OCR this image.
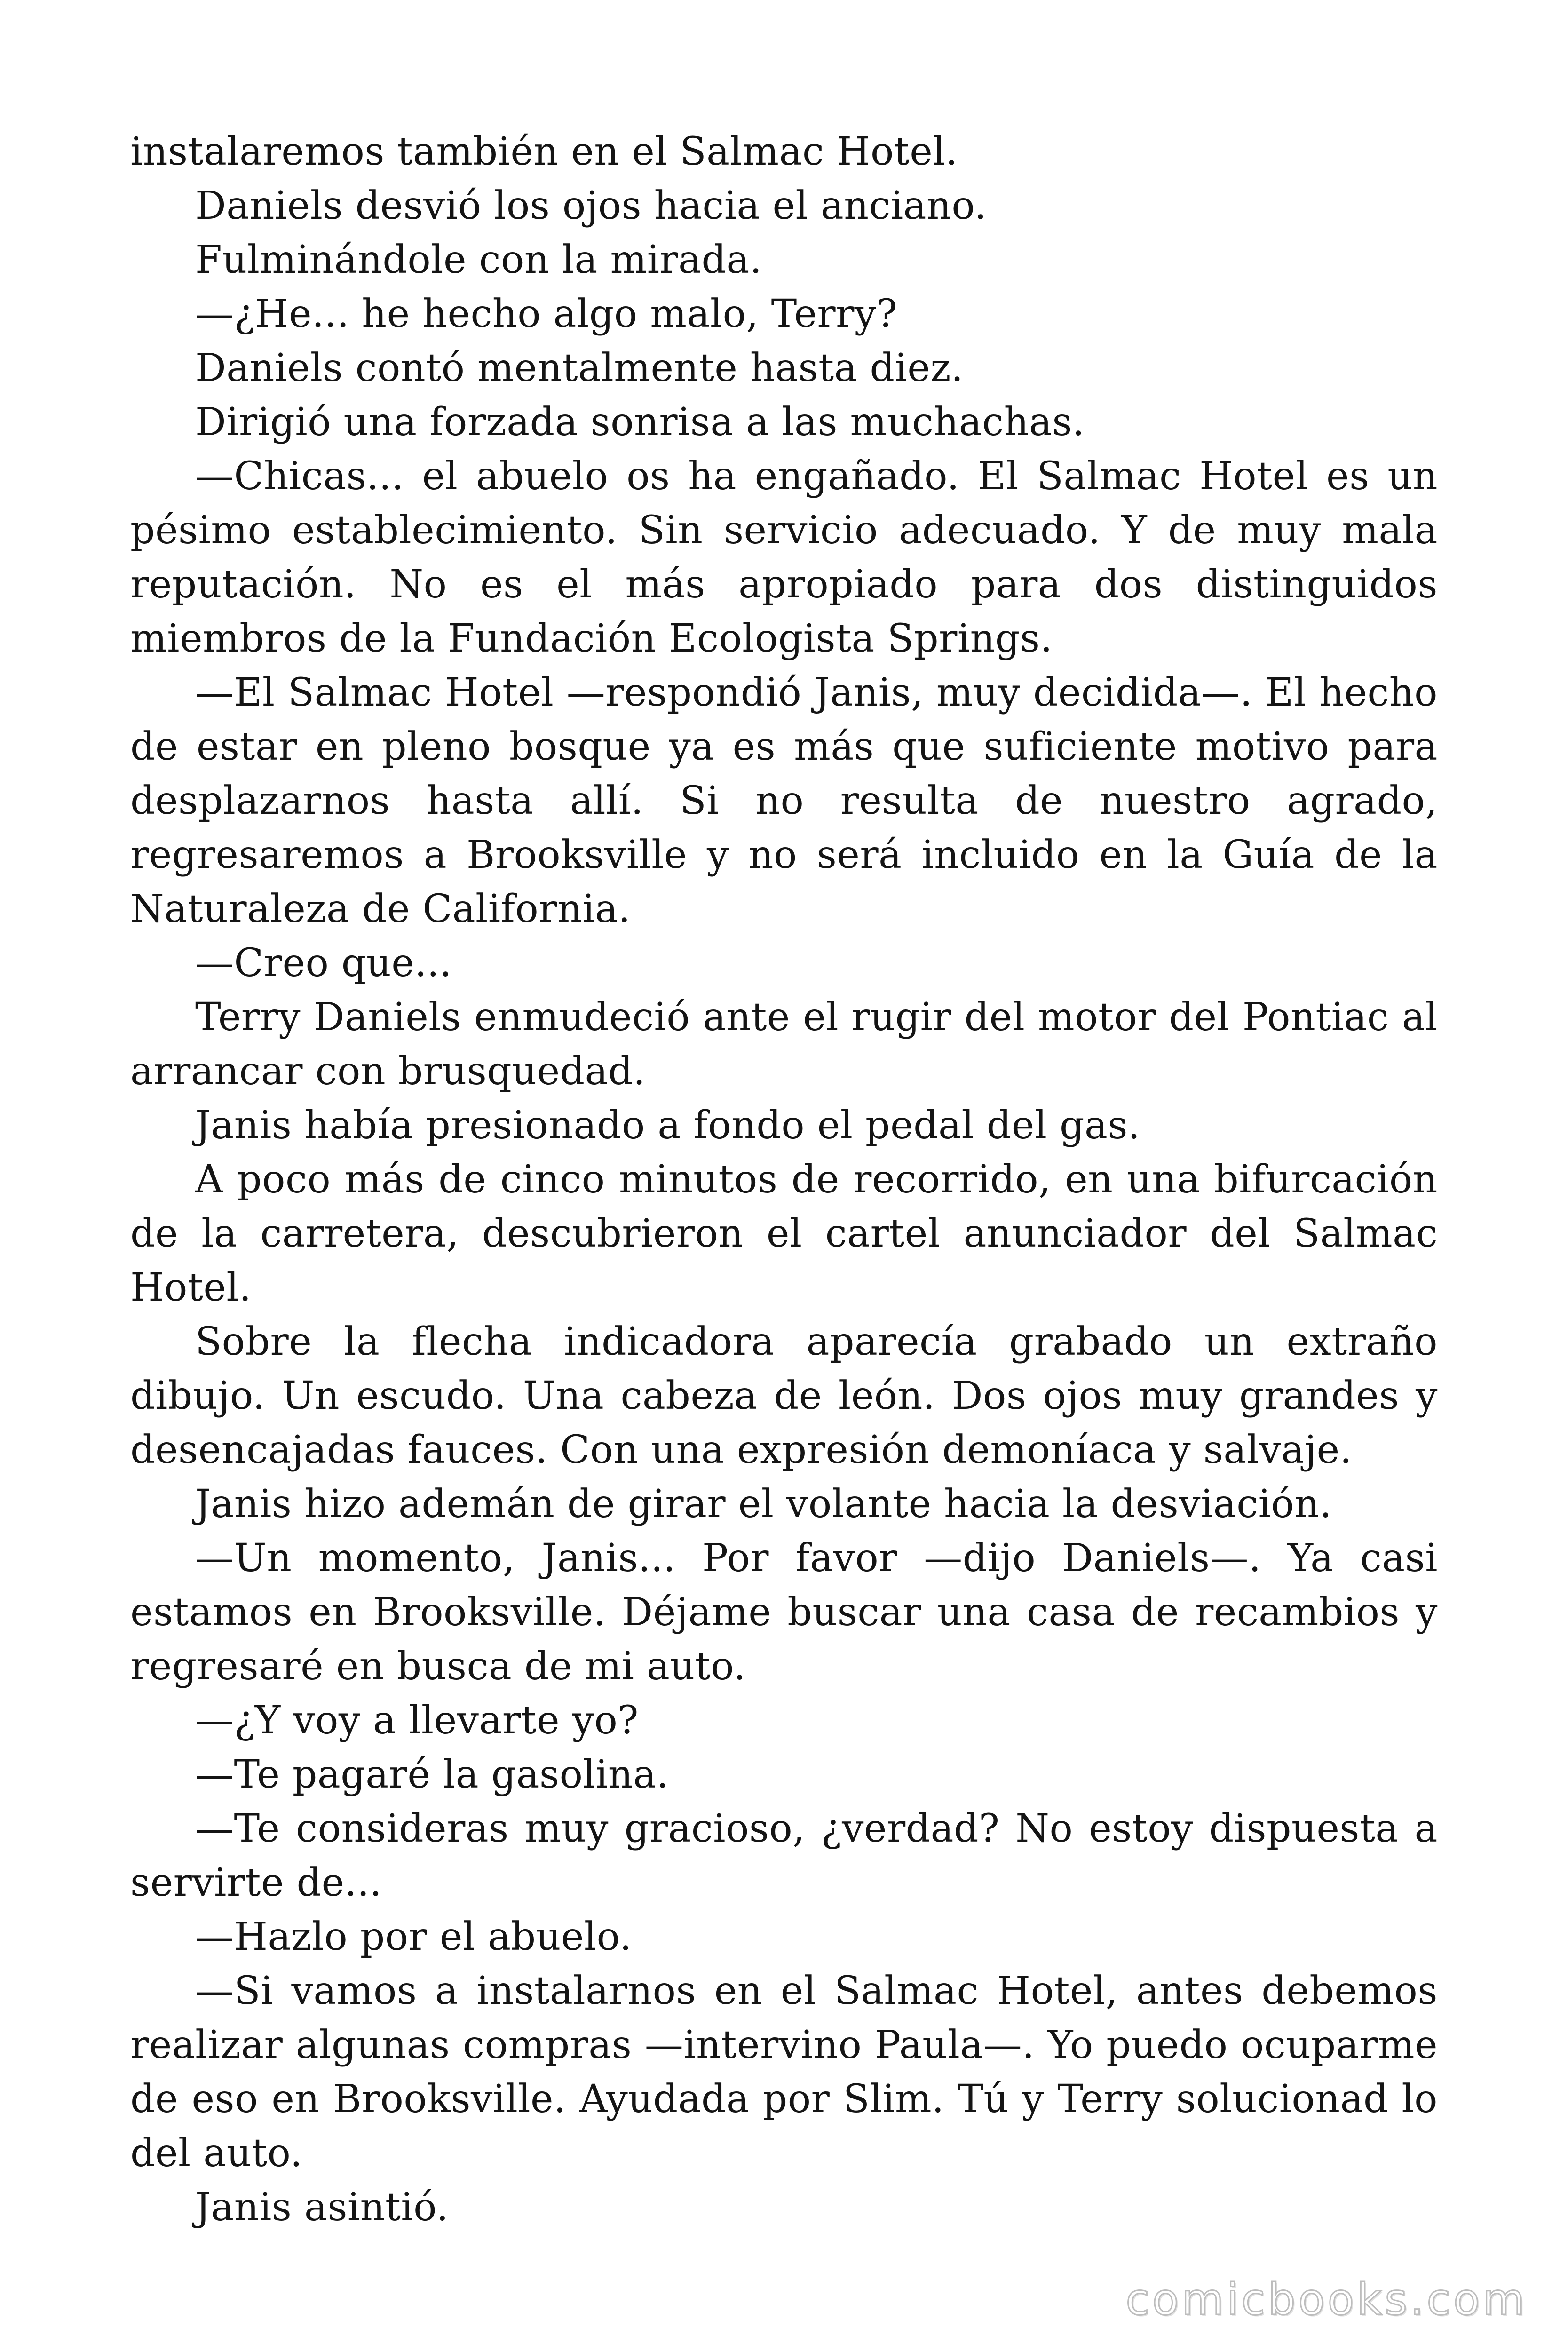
instalaremos también en el Salmac Hotel.

Daniels desvió los ojos hacia el anciano.

Fulminándole con la mirada.

—¿He... he hecho algo malo, Terry?

Daniels contó mentalmente hasta diez.

Dirigió una forzada sonrisa a las muchachas.

—Chicas... el abuelo os ha engañado. El Salmac Hotel es un pésimo establecimiento. Sin servicio adecuado. Y de muy mala reputación. No es el más apropiado para dos distinguidos miembros de la Fundación Ecologista Springs.

—El Salmac Hotel —respondió Janis, muy decidida—. El hecho de estar en pleno bosque ya es más que suficiente motivo para desplazarnos hasta allí. Si no resulta de nuestro agrado, regresaremos a Brooksville y no será incluido en la Guía de la Naturaleza de California.

—Creo que...

Terry Daniels enmudeció ante el rugir del motor del Pontiac al arrancar con brusquedad.

Janis había presionado a fondo el pedal del gas.

A poco más de cinco minutos de recorrido, en una bifurcación de la carretera, descubrieron el cartel anunciador del Salmac Hotel.

Sobre la flecha indicadora aparecía grabado un extraño dibujo. Un escudo. Una cabeza de león. Dos ojos muy grandes y desencajadas fauces. Con una expresión demoníaca y salvaje.

Janis hizo ademán de girar el volante hacia la desviación.

—Un momento, Janis... Por favor —dijo Daniels—. Ya casi estamos en Brooksville. Déjame buscar una casa de recambios y regresaré en busca de mi auto.

—¿Y voy a llevarte yo?

—Te pagaré la gasolina.

—Te consideras muy gracioso, ¿verdad? No estoy dispuesta a servirte de...

—Hazlo por el abuelo.

—Si vamos a instalarnos en el Salmac Hotel, antes debemos realizar algunas compras —intervino Paula—. Yo puedo ocuparme de eso en Brooksville. Ayudada por Slim. Tú y Terry solucionad lo del auto.

Janis asintió.

comicbooks.com
